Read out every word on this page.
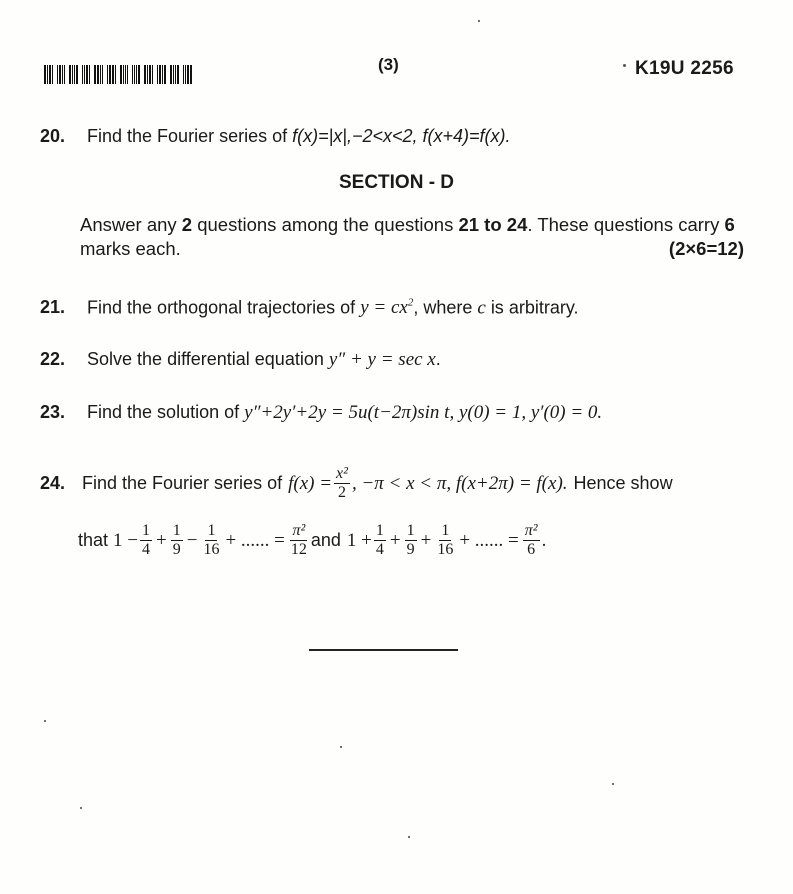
(3)	K19U 2256
20. Find the Fourier series of f(x)=|x|,−2<x<2, f(x+4)=f(x).
SECTION - D
Answer any 2 questions among the questions 21 to 24. These questions carry 6 marks each.	(2×6=12)
21. Find the orthogonal trajectories of $y = cx^2$, where c is arbitrary.
22. Solve the differential equation y″ + y = sec x.
23. Find the solution of y″+2y′+2y = 5u(t−2π)sin t, y(0) = 1, y′(0) = 0.
24. Find the Fourier series of $f(x) = \frac{\text{x²}}{2}$ , −π < x < π, f(x+2π) = f(x). Hence show
that $1 - \frac{1}{4} + \frac{1}{9} - \frac{1}{16}$ + ...... = $\frac{\text{π²}}{12}$ and $1 + \frac{1}{4} + \frac{1}{9} + \frac{1}{16}$ + ...... = $\frac{\text{π²}}{6}$ .
